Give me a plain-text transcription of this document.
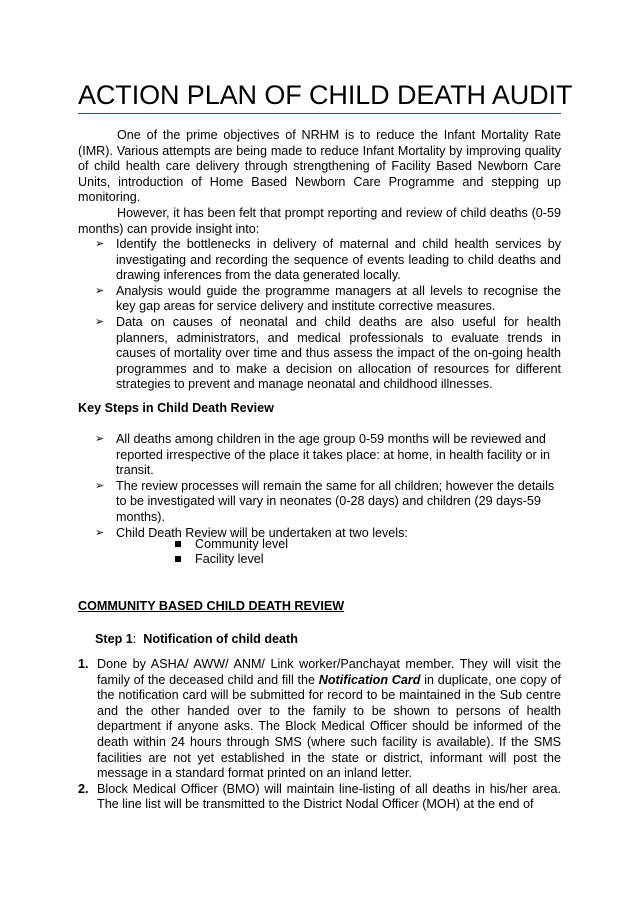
ACTION PLAN OF CHILD DEATH AUDIT

One of the prime objectives of NRHM is to reduce the Infant Mortality Rate (IMR). Various attempts are being made to reduce Infant Mortality by improving quality of child health care delivery through strengthening of Facility Based Newborn Care Units, introduction of Home Based Newborn Care Programme and stepping up monitoring.

However, it has been felt that prompt reporting and review of child deaths (0-59 months) can provide insight into:

➢ Identify the bottlenecks in delivery of maternal and child health services by investigating and recording the sequence of events leading to child deaths and drawing inferences from the data generated locally.
➢ Analysis would guide the programme managers at all levels to recognise the key gap areas for service delivery and institute corrective measures.
➢ Data on causes of neonatal and child deaths are also useful for health planners, administrators, and medical professionals to evaluate trends in causes of mortality over time and thus assess the impact of the on-going health programmes and to make a decision on allocation of resources for different strategies to prevent and manage neonatal and childhood illnesses.
Key Steps in Child Death Review
➢ All deaths among children in the age group 0-59 months will be reviewed and reported irrespective of the place it takes place: at home, in health facility or in transit.
➢ The review processes will remain the same for all children; however the details to be investigated will vary in neonates (0-28 days) and children (29 days-59 months).
➢ Child Death Review will be undertaken at two levels:
Community level
Facility level
COMMUNITY BASED CHILD DEATH REVIEW
Step 1: Notification of child death
1. Done by ASHA/ AWW/ ANM/ Link worker/Panchayat member. They will visit the family of the deceased child and fill the Notification Card in duplicate, one copy of the notification card will be submitted for record to be maintained in the Sub centre and the other handed over to the family to be shown to persons of health department if anyone asks. The Block Medical Officer should be informed of the death within 24 hours through SMS (where such facility is available). If the SMS facilities are not yet established in the state or district, informant will post the message in a standard format printed on an inland letter.
2. Block Medical Officer (BMO) will maintain line-listing of all deaths in his/her area. The line list will be transmitted to the District Nodal Officer (MOH) at the end of
